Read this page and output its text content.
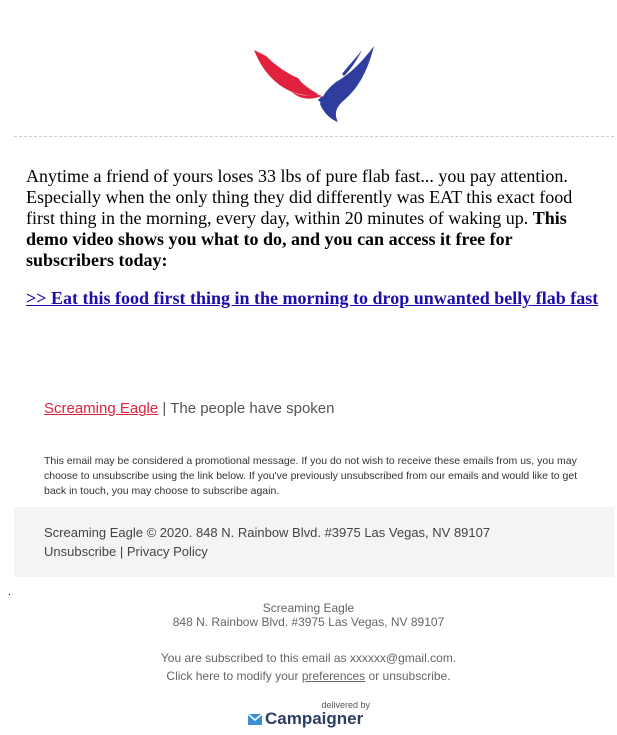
Anytime a friend of yours loses 33 lbs of pure flab fast... you pay attention. Especially when the only thing they did differently was EAT this exact food first thing in the morning, every day, within 20 minutes of waking up. This demo video shows you what to do, and you can access it free for subscribers today:
>> Eat this food first thing in the morning to drop unwanted belly flab fast
Screaming Eagle | The people have spoken
This email may be considered a promotional message. If you do not wish to receive these emails from us, you may choose to unsubscribe using the link below. If you've previously unsubscribed from our emails and would like to get back in touch, you may choose to subscribe again.
Screaming Eagle © 2020. 848 N. Rainbow Blvd. #3975 Las Vegas, NV 89107
Unsubscribe | Privacy Policy
.
Screaming Eagle
848 N. Rainbow Blvd. #3975 Las Vegas, NV 89107
You are subscribed to this email as xxxxxx@gmail.com.
Click here to modify your preferences or unsubscribe.
delivered by
Campaigner
